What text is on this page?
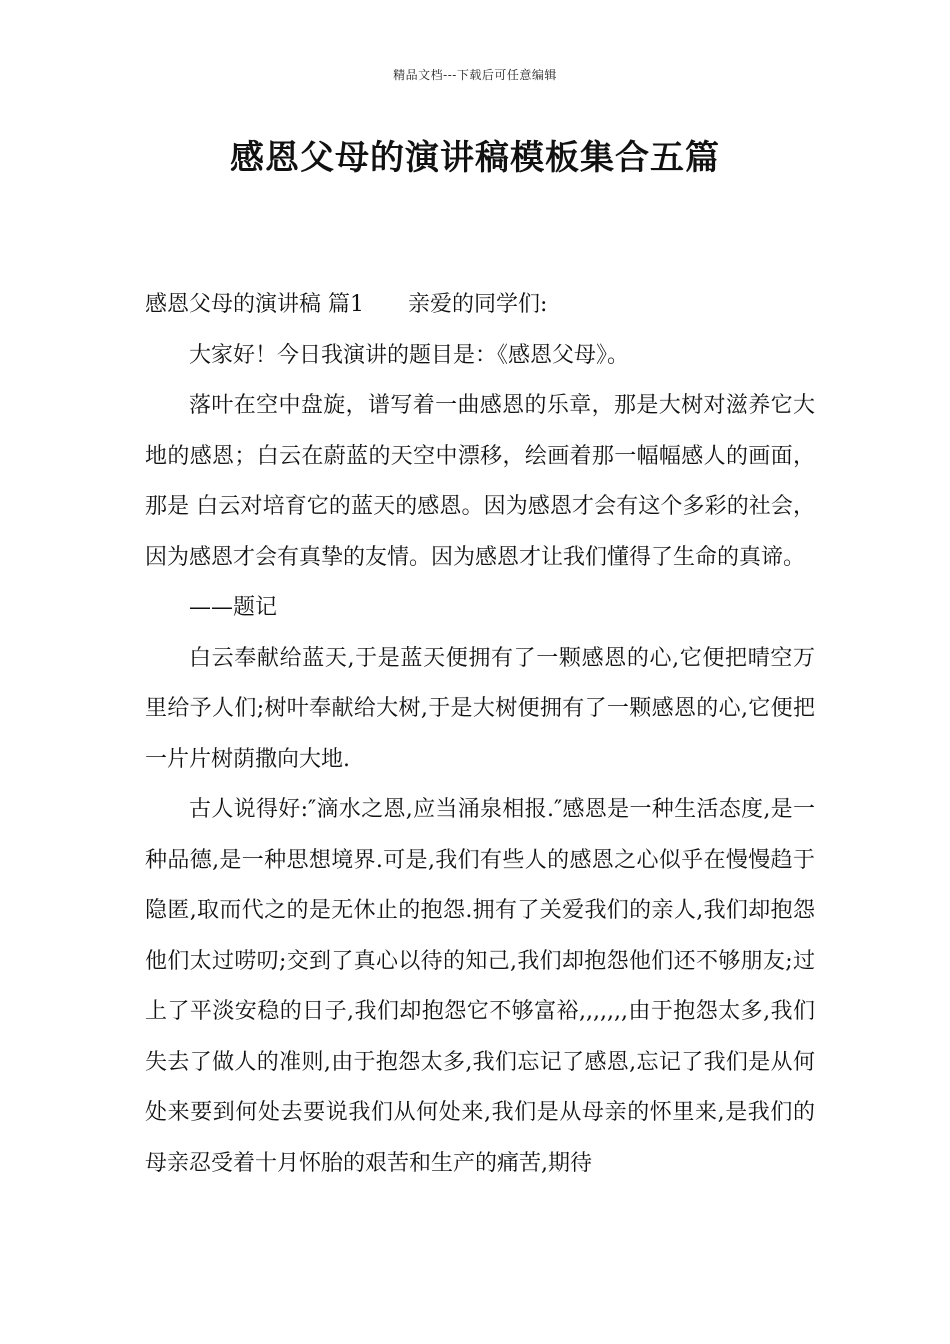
精品文档---下载后可任意编辑
感恩父母的演讲稿模板集合五篇

感恩父母的演讲稿 篇1 亲爱的同学们:

大家好！今日我演讲的题目是：《感恩父母》。

落叶在空中盘旋，谱写着一曲感恩的乐章，那是大树对滋养它大地的感恩；白云在蔚蓝的天空中漂移，绘画着那一幅幅感人的画面，那是 白云对培育它的蓝天的感恩。因为感恩才会有这个多彩的社会，因为感恩才会有真挚的友情。因为感恩才让我们懂得了生命的真谛。

——题记

白云奉献给蓝天,于是蓝天便拥有了一颗感恩的心,它便把晴空万里给予人们;树叶奉献给大树,于是大树便拥有了一颗感恩的心,它便把一片片树荫撒向大地.

古人说得好:″滴水之恩,应当涌泉相报.″感恩是一种生活态度,是一种品德,是一种思想境界.可是,我们有些人的感恩之心似乎在慢慢趋于隐匿,取而代之的是无休止的抱怨.拥有了关爱我们的亲人,我们却抱怨他们太过唠叨;交到了真心以待的知己,我们却抱怨他们还不够朋友;过上了平淡安稳的日子,我们却抱怨它不够富裕,,,,,,,由于抱怨太多,我们失去了做人的准则,由于抱怨太多,我们忘记了感恩,忘记了我们是从何处来要到何处去要说我们从何处来,我们是从母亲的怀里来,是我们的母亲忍受着十月怀胎的艰苦和生产的痛苦,期待
